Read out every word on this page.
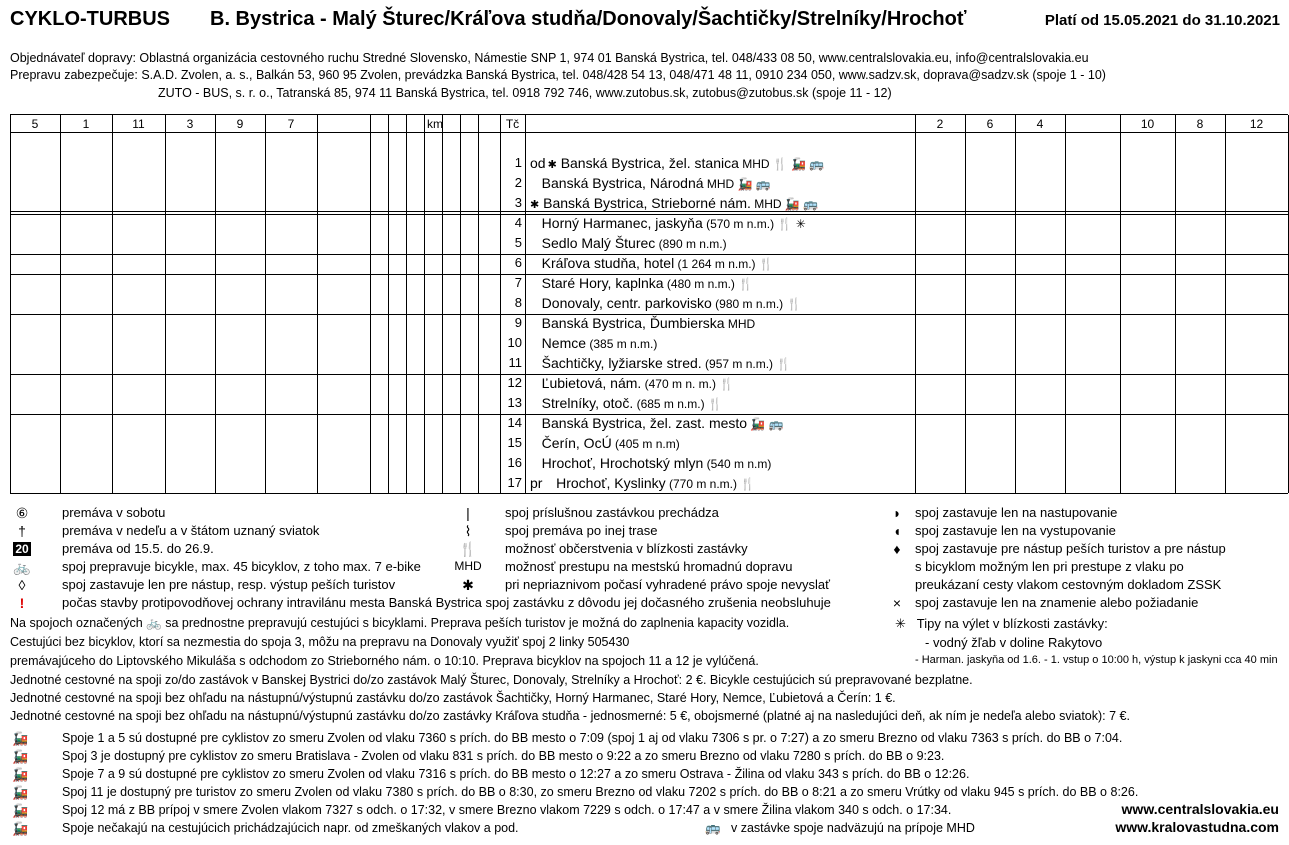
CYKLO-TURBUS B. Bystrica - Malý Šturec/Kráľova studňa/Donovaly/Šachtičky/Strelníky/Hrochoť	Platí od 15.05.2021 do 31.10.2021
Objednávateľ dopravy: Oblastná organizácia cestovného ruchu Stredné Slovensko, Námestie SNP 1, 974 01 Banská Bystrica, tel. 048/433 08 50, www.centralslovakia.eu, info@centralslovakia.eu
Prepravu zabezpečuje: S.A.D. Zvolen, a. s., Balkán 53, 960 95 Zvolen, prevádzka Banská Bystrica, tel. 048/428 54 13, 048/471 48 11, 0910 234 050, www.sadzv.sk, doprava@sadzv.sk (spoje 1 - 10)
ZUTO - BUS, s. r. o., Tatranská 85, 974 11 Banská Bystrica, tel. 0918 792 746, www.zutobus.sk, zutobus@zutobus.sk (spoje 11 - 12)
5	1	11	3	9	7	km	Tč	2	6	4	10	8	12
1 od ✱ Banská Bystrica, žel. stanica MHD 🍴 🚂 🚌
2	Banská Bystrica, Národná MHD 🚂 🚌
3 ✱ Banská Bystrica, Strieborné nám. MHD 🚂 🚌
4	Horný Harmanec, jaskyňa (570 m n.m.) 🍴 ✳
5	Sedlo Malý Šturec (890 m n.m.)
6	Kráľova studňa, hotel (1 264 m n.m.) 🍴
7	Staré Hory, kaplnka (480 m n.m.) 🍴
8	Donovaly, centr. parkovisko (980 m n.m.) 🍴
9	Banská Bystrica, Ďumbierska MHD
10	Nemce (385 m n.m.)
11	Šachtičky, lyžiarske stred. (957 m n.m.) 🍴
12	Ľubietová, nám. (470 m n. m.) 🍴
13	Strelníky, otoč. (685 m n.m.) 🍴
14	Banská Bystrica, žel. zast. mesto 🚂 🚌
15	Čerín, OcÚ (405 m n.m)
16	Hrochoť, Hrochotský mlyn (540 m n.m)
17 pr Hrochoť, Kyslinky (770 m n.m.) 🍴
⑥	premáva v sobotu
†	premáva v nedeľu a v štátom uznaný sviatok
20	premáva od 15.5. do 26.9.
🚲 spoj prepravuje bicykle, max. 45 bicyklov, z toho max. 7 e-bike
◊	spoj zastavuje len pre nástup, resp. výstup peších turistov
!	počas stavby protipovodňovej ochrany intravilánu mesta Banská Bystrica spoj zastávku z dôvodu jej dočasného zrušenia neobsluhuje
|	spoj príslušnou zastávkou prechádza
⌇	spoj premáva po inej trase
🍴 možnosť občerstvenia v blízkosti zastávky
MHD možnosť prestupu na mestskú hromadnú dopravu
✱	pri nepriaznivom počasí vyhradené právo spoje nevysl​ať
◗	spoj zastavuje len na nastupovanie
◖	spoj zastavuje len na vystupovanie
♦	spoj zastavuje pre nástup peších turistov a pre nástup
s bicyklom možným len pri prestupe z vlaku po
preukázaní cesty vlakom cestovným dokladom ZSSK
×	spoj zastavuje len na znamenie alebo požiadanie
Na spojoch označených 🚲 sa prednostne prepravujú cestujúci s bicyklami. Preprava peších turistov je možná do zaplnenia kapacity vozidla.
Cestujúci bez bicyklov, ktorí sa nezmestia do spoja 3, môžu na prepravu na Donovaly využiť spoj 2 linky 505430
premávajúceho do Liptovského Mikuláša s odchodom zo Strieborného nám. o 10:10. Preprava bicyklov na spojoch 11 a 12 je vylúčená.
Jednotné cestovné na spoji zo/do zastávok v Banskej Bystrici do/zo zastávok Malý Šturec, Donovaly, Strelníky a Hrochoť: 2 €. Bicykle cestujúcich sú prepravované bezplatne.
Jednotné cestovné na spoji bez ohľadu na nástupnú/výstupnú zastávku do/zo zastávok Šachtičky, Horný Harmanec, Staré Hory, Nemce, Ľubietová a Čerín: 1 €.
Jednotné cestovné na spoji bez ohľadu na nástupnú/výstupnú zastávku do/zo zastávky Kráľova studňa - jednosmerné: 5 €, obojsmerné (platné aj na nasledujúci deň, ak ním je nedeľa alebo sviatok): 7 €.
✳ Tipy na výlet v blízkosti zastávky:
- vodný žľab v doline Rakytovo
- Harman. jaskyňa od 1.6. - 1. vstup o 10:00 h, výstup k jaskyni cca 40 min
🚂	Spoje 1 a 5 sú dostupné pre cyklistov zo smeru Zvolen od vlaku 7360 s prích. do BB mesto o 7:09 (spoj 1 aj od vlaku 7306 s pr. o 7:27) a zo smeru Brezno od vlaku 7363 s prích. do BB o 7:04.
🚂	Spoj 3 je dostupný pre cyklistov zo smeru Bratislava - Zvolen od vlaku 831 s prích. do BB mesto o 9:22 a zo smeru Brezno od vlaku 7280 s prích. do BB o 9:23.
🚂	Spoje 7 a 9 sú dostupné pre cyklistov zo smeru Zvolen od vlaku 7316 s prích. do BB mesto o 12:27 a zo smeru Ostrava - Žilina od vlaku 343 s prích. do BB o 12:26.
🚂	Spoj 11 je dostupný pre turistov zo smeru Zvolen od vlaku 7380 s prích. do BB o 8:30, zo smeru Brezno od vlaku 7202 s prích. do BB o 8:21 a zo smeru Vrútky od vlaku 945 s prích. do BB o 8:26.
🚂	Spoj 12 má z BB prípoj v smere Zvolen vlakom 7327 s odch. o 17:32, v smere Brezno vlakom 7229 s odch. o 17:47 a v smere Žilina vlakom 340 s odch. o 17:34.
🚂	Spoje nečakajú na cestujúcich prichádzajúcich napr. od zmeškaných vlakov a pod.	🚌 v zastávke spoje nadväzujú na prípoje MHD
www.centralslovakia.eu
www.kralovastudna.com
